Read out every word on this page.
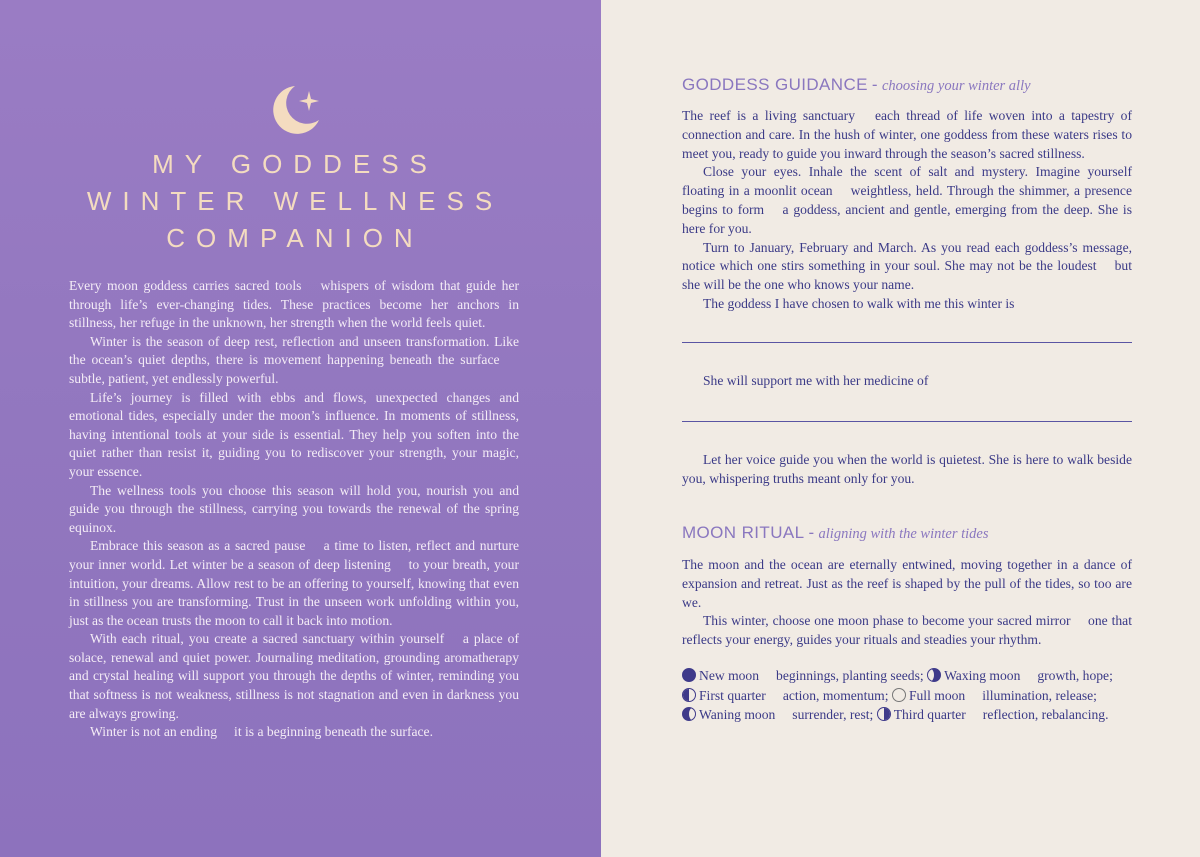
MY GODDESS
WINTER WELLNESS
COMPANION

Every moon goddess carries sacred tools  whispers of wisdom that guide her through life’s ever-changing tides. These practices become her anchors in stillness, her refuge in the unknown, her strength when the world feels quiet.

Winter is the season of deep rest, reflection and unseen transformation. Like the ocean’s quiet depths, there is movement happening beneath the surface  subtle, patient, yet endlessly powerful.

Life’s journey is filled with ebbs and flows, unexpected changes and emotional tides, especially under the moon’s influence. In moments of stillness, having intentional tools at your side is essential. They help you soften into the quiet rather than resist it, guiding you to rediscover your strength, your magic, your essence.

The wellness tools you choose this season will hold you, nourish you and guide you through the stillness, carrying you towards the renewal of the spring equinox.

Embrace this season as a sacred pause  a time to listen, reflect and nurture your inner world. Let winter be a season of deep listening  to your breath, your intuition, your dreams. Allow rest to be an offering to yourself, knowing that even in stillness you are transforming. Trust in the unseen work unfolding within you, just as the ocean trusts the moon to call it back into motion.

With each ritual, you create a sacred sanctuary within yourself  a place of solace, renewal and quiet power. Journaling meditation, grounding aromatherapy and crystal healing will support you through the depths of winter, reminding you that softness is not weakness, stillness is not stagnation and even in darkness you are always growing.

Winter is not an ending  it is a beginning beneath the surface.

GODDESS GUIDANCE - choosing your winter ally

The reef is a living sanctuary  each thread of life woven into a tapestry of connection and care. In the hush of winter, one goddess from these waters rises to meet you, ready to guide you inward through the season’s sacred stillness.

Close your eyes. Inhale the scent of salt and mystery. Imagine yourself floating in a moonlit ocean  weightless, held. Through the shimmer, a presence begins to form  a goddess, ancient and gentle, emerging from the deep. She is here for you.

Turn to January, February and March. As you read each goddess’s message, notice which one stirs something in your soul. She may not be the loudest  but she will be the one who knows your name.

The goddess I have chosen to walk with me this winter is

She will support me with her medicine of

Let her voice guide you when the world is quietest. She is here to walk beside you, whispering truths meant only for you.

MOON RITUAL - aligning with the winter tides

The moon and the ocean are eternally entwined, moving together in a dance of expansion and retreat. Just as the reef is shaped by the pull of the tides, so too are we.

This winter, choose one moon phase to become your sacred mirror  one that reflects your energy, guides your rituals and steadies your rhythm.

New moon  beginnings, planting seeds; Waxing moon  growth, hope;
First quarter  action, momentum; Full moon  illumination, release;
Waning moon  surrender, rest; Third quarter  reflection, rebalancing.
